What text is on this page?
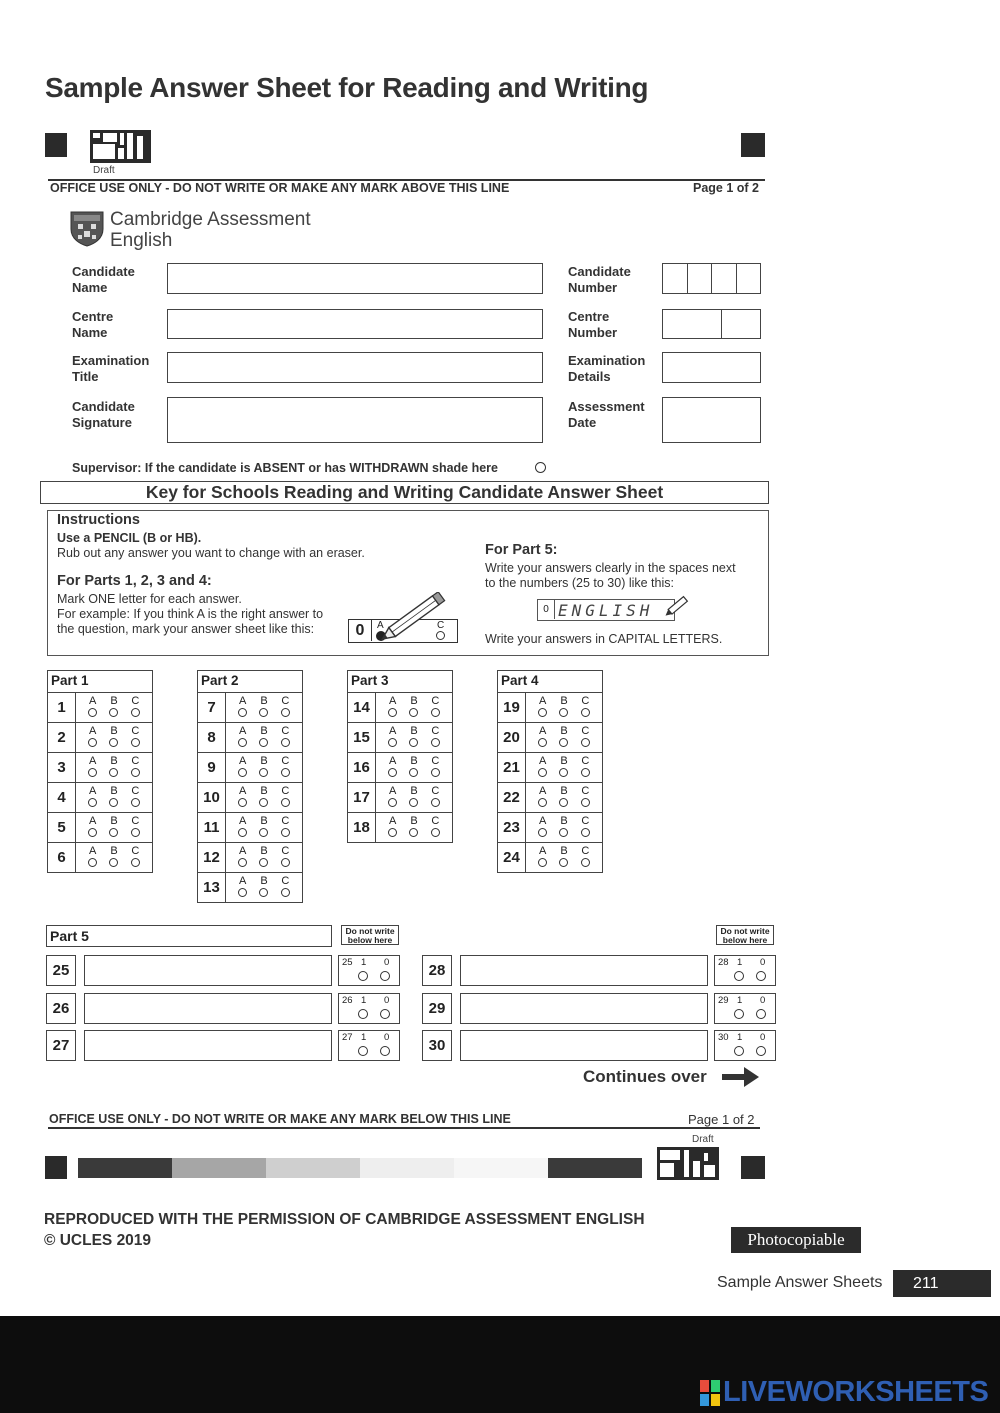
Sample Answer Sheet for Reading and Writing
Draft
OFFICE USE ONLY - DO NOT WRITE OR MAKE ANY MARK ABOVE THIS LINE	Page 1 of 2
Cambridge Assessment
English
Candidate
Name
Centre
Name
Examination
Title
Candidate
Signature
Candidate
Number
Centre
Number
Examination
Details
Assessment
Date
Supervisor: If the candidate is ABSENT or has WITHDRAWN shade here
Key for Schools Reading and Writing Candidate Answer Sheet
Instructions
Use a PENCIL (B or HB).
Rub out any answer you want to change with an eraser.
For Parts 1, 2, 3 and 4:
Mark ONE letter for each answer.
For example: If you think A is the right answer to
the question, mark your answer sheet like this:	0	A	C
For Part 5:
Write your answers clearly in the spaces next
to the numbers (25 to 30) like this:
0 ENGLISH
Write your answers in CAPITAL LETTERS.
Part 1
1	A B C
2	A B C
3	A B C
4	A B C
5	A B C
6	A B C
Part 2
7	A B C
8	A B C
9	A B C
10	A B C
11	A B C
12	A B C
13	A B C
Part 3
14	A B C
15	A B C
16	A B C
17	A B C
18	A B C
Part 4
19	A B C
20	A B C
21	A B C
22	A B C
23	A B C
24	A B C
Part 5	Do not write
below here
Do not write
below here
25	25 1 0	28	28 1 0
26	26 1 0	29	29 1 0
27	27 1 0	30	30 1 0
Continues over
OFFICE USE ONLY - DO NOT WRITE OR MAKE ANY MARK BELOW THIS LINE	Page 1 of 2
Draft
REPRODUCED WITH THE PERMISSION OF CAMBRIDGE ASSESSMENT ENGLISH
© UCLES 2019	Photocopiable
Sample Answer Sheets	211
LIVEWORKSHEETS
